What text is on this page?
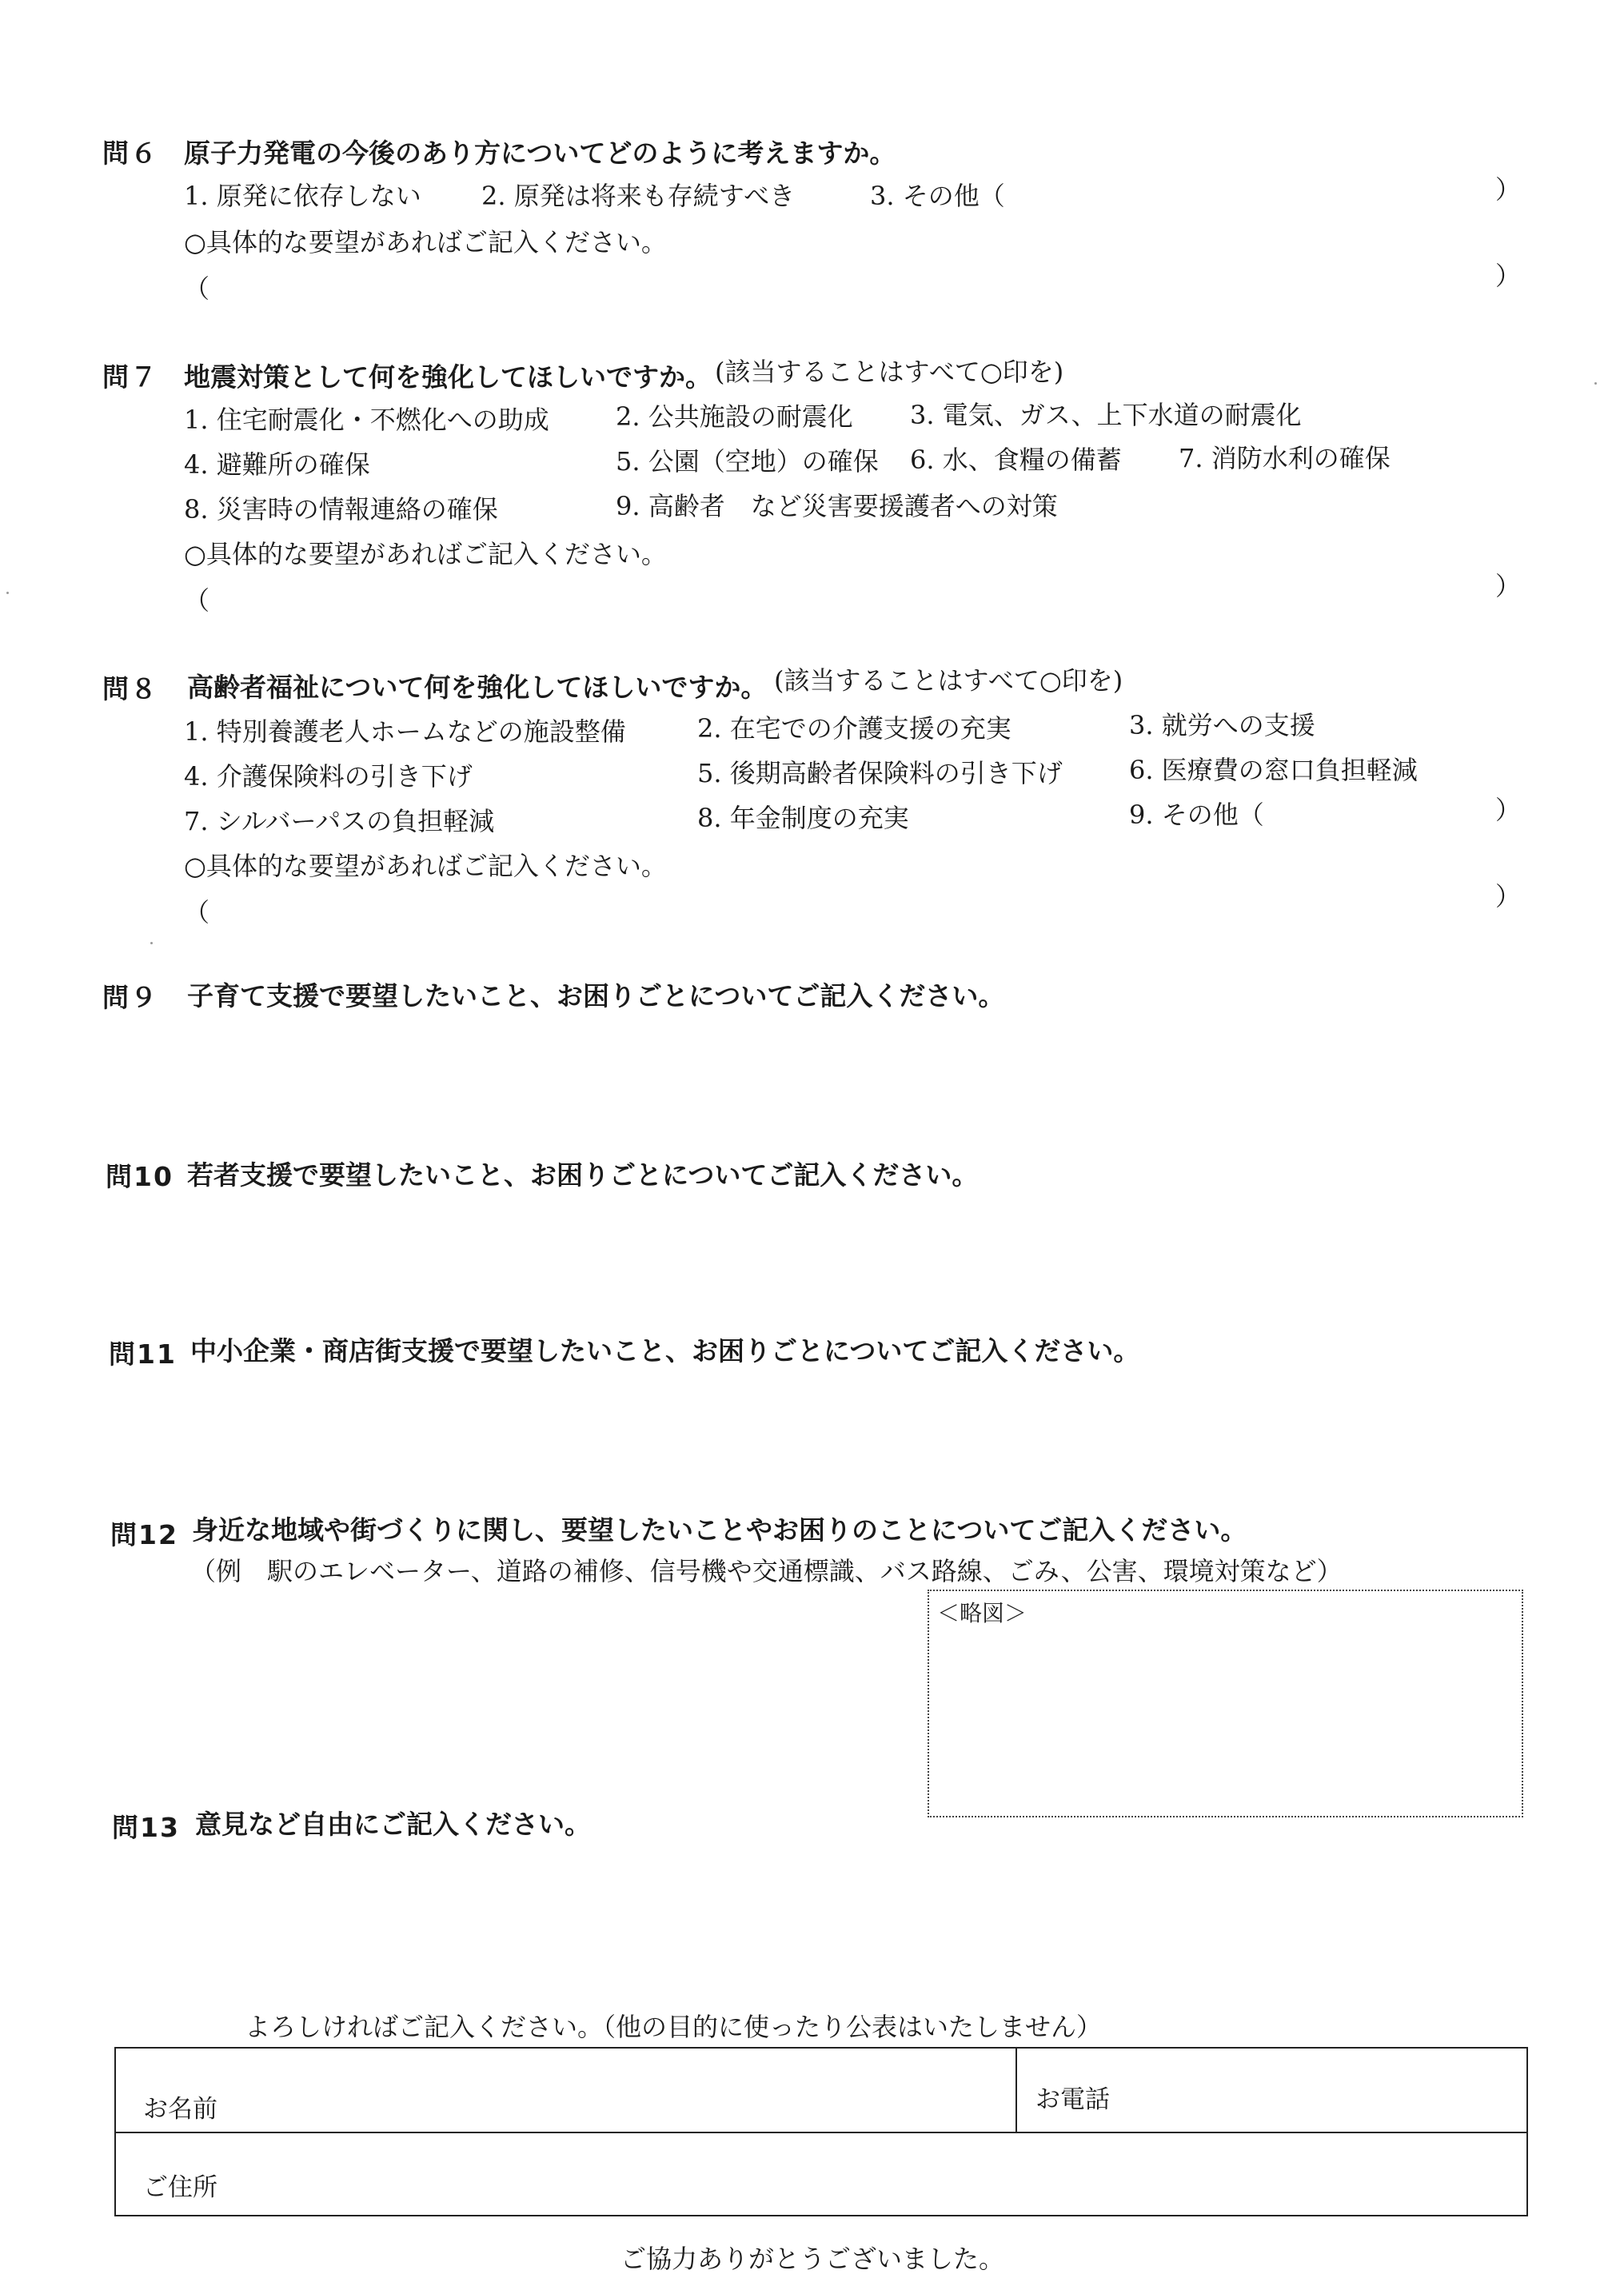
問６ 原子力発電の今後のあり方についてどのように考えますか。
1. 原発に依存しない 2. 原発は将来も存続すべき	3. その他（	）
○具体的な要望があればご記入ください。
（	）
問７ 地震対策として何を強化してほしいですか。 (該当することはすべて○印を)
1. 住宅耐震化・不燃化への助成	2. 公共施設の耐震化 3. 電気、ガス、上下水道の耐震化
4. 避難所の確保	5. 公園（空地）の確保 6. 水、食糧の備蓄 7. 消防水利の確保
8. 災害時の情報連絡の確保	9. 高齢者　など災害要援護者への対策
○具体的な要望があればご記入ください。
（	）
問８ 高齢者福祉について何を強化してほしいですか。 (該当することはすべて○印を)
1. 特別養護老人ホームなどの施設整備	2. 在宅での介護支援の充実	3. 就労への支援
4. 介護保険料の引き下げ	5. 後期高齢者保険料の引き下げ	6. 医療費の窓口負担軽減
7. シルバーパスの負担軽減	8. 年金制度の充実	9. その他（	）
○具体的な要望があればご記入ください。
（
）
問９ 子育て支援で要望したいこと、お困りごとについてご記入ください。
問10 若者支援で要望したいこと、お困りごとについてご記入ください。
問11 中小企業・商店街支援で要望したいこと、お困りごとについてご記入ください。
問12 身近な地域や街づくりに関し、要望したいことやお困りのことについてご記入ください。
（例　駅のエレベーター、道路の補修、信号機や交通標識、バス路線、ごみ、公害、環境対策など）
＜略図＞
問13 意見など自由にご記入ください。
よろしければご記入ください。（他の目的に使ったり公表はいたしません）
お名前	お電話
ご住所
ご協力ありがとうございました。
